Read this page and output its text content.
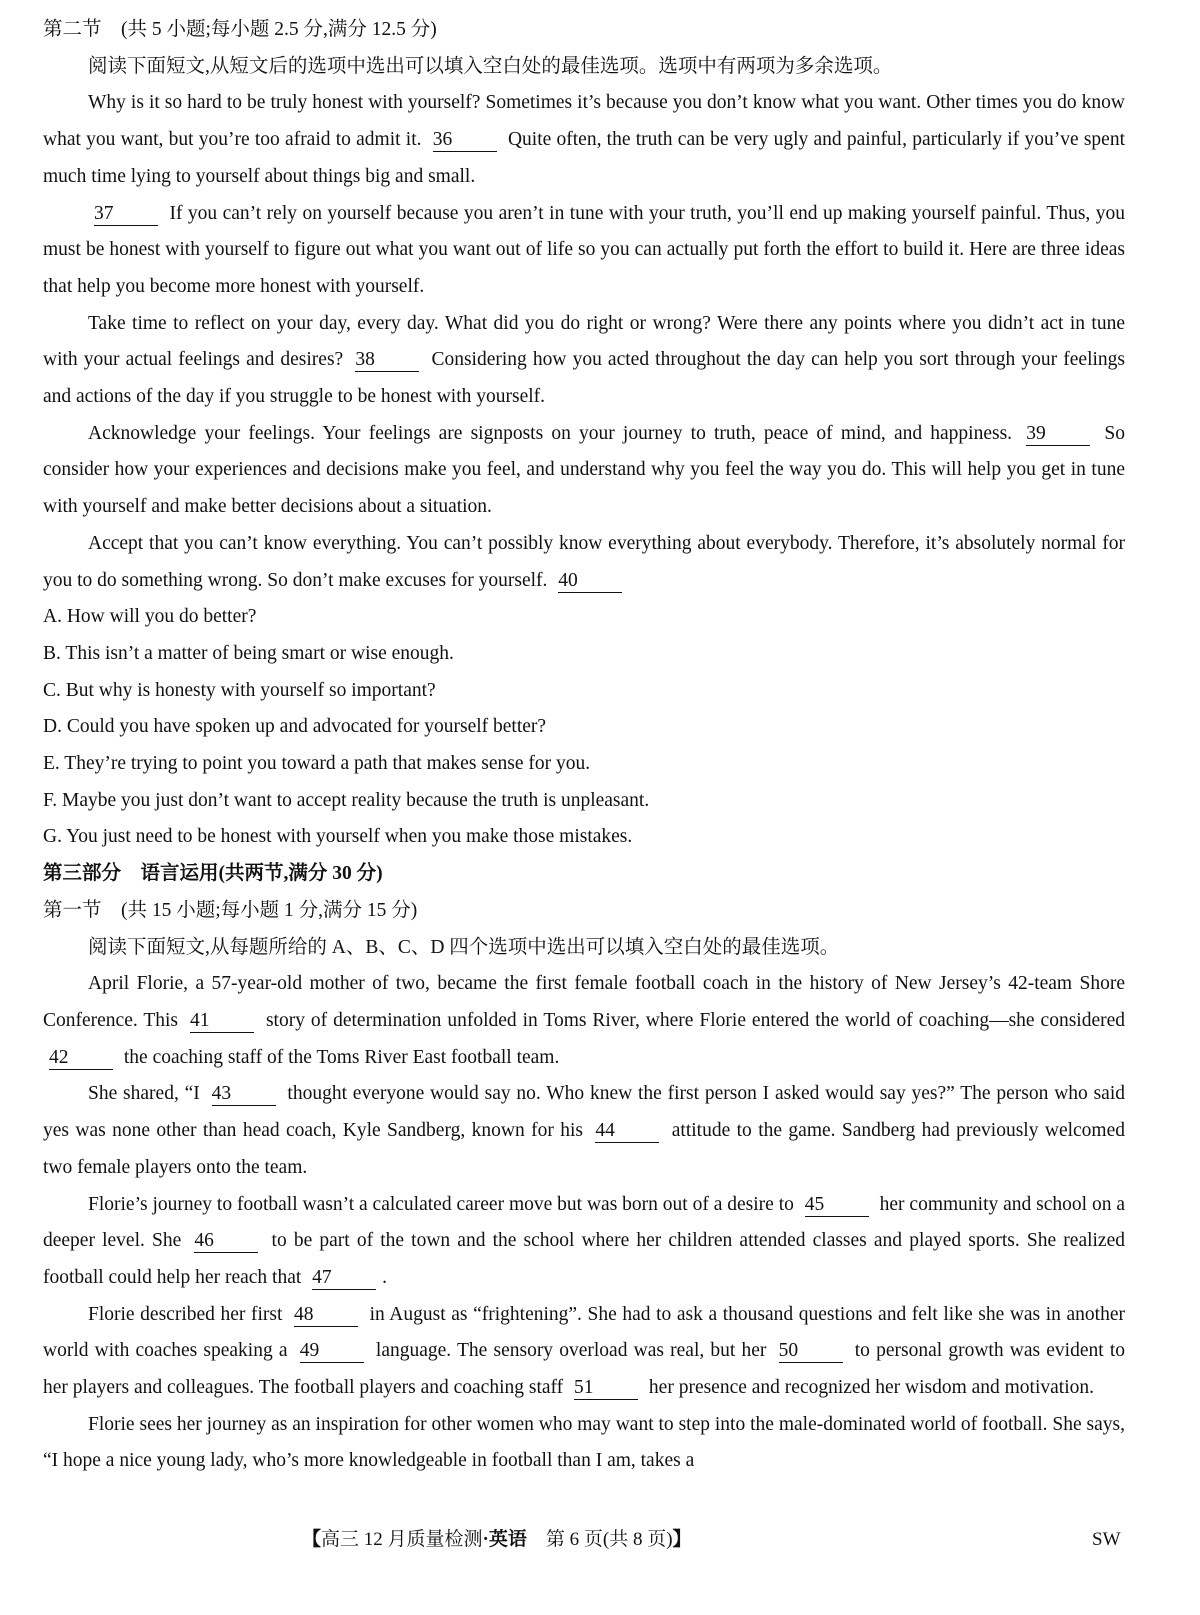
第二节　(共 5 小题;每小题 2.5 分,满分 12.5 分)

阅读下面短文,从短文后的选项中选出可以填入空白处的最佳选项。选项中有两项为多余选项。

Why is it so hard to be truly honest with yourself? Sometimes it’s because you don’t know what you want. Other times you do know what you want, but you’re too afraid to admit it. 36	Quite often, the truth can be very ugly and painful, particularly if you’ve spent much time lying to yourself about things big and small.

37	If you can’t rely on yourself because you aren’t in tune with your truth, you’ll end up making yourself painful. Thus, you must be honest with yourself to figure out what you want out of life so you can actually put forth the effort to build it. Here are three ideas that help you become more honest with yourself.

Take time to reflect on your day, every day. What did you do right or wrong? Were there any points where you didn’t act in tune with your actual feelings and desires? 38	Considering how you acted throughout the day can help you sort through your feelings and actions of the day if you struggle to be honest with yourself.

Acknowledge your feelings. Your feelings are signposts on your journey to truth, peace of mind, and happiness. 39	So consider how your experiences and decisions make you feel, and understand why you feel the way you do. This will help you get in tune with yourself and make better decisions about a situation.

Accept that you can’t know everything. You can’t possibly know everything about everybody. Therefore, it’s absolutely normal for you to do something wrong. So don’t make excuses for yourself. 40

A. How will you do better?

B. This isn’t a matter of being smart or wise enough.

C. But why is honesty with yourself so important?

D. Could you have spoken up and advocated for yourself better?

E. They’re trying to point you toward a path that makes sense for you.

F. Maybe you just don’t want to accept reality because the truth is unpleasant.

G. You just need to be honest with yourself when you make those mistakes.

第三部分　语言运用(共两节,满分 30 分)

第一节　(共 15 小题;每小题 1 分,满分 15 分)

阅读下面短文,从每题所给的 A、B、C、D 四个选项中选出可以填入空白处的最佳选项。

April Florie, a 57-year-old mother of two, became the first female football coach in the history of New Jersey’s 42-team Shore Conference. This 41	story of determination unfolded in Toms River, where Florie entered the world of coaching—she considered 42	the coaching staff of the Toms River East football team.

She shared, “I 43	thought everyone would say no. Who knew the first person I asked would say yes?” The person who said yes was none other than head coach, Kyle Sandberg, known for his 44	attitude to the game. Sandberg had previously welcomed two female players onto the team.

Florie’s journey to football wasn’t a calculated career move but was born out of a desire to 45	her community and school on a deeper level. She 46	to be part of the town and the school where her children attended classes and played sports. She realized football could help her reach that 47	.

Florie described her first 48	in August as “frightening”. She had to ask a thousand questions and felt like she was in another world with coaches speaking a 49	language. The sensory overload was real, but her 50	to personal growth was evident to her players and colleagues. The football players and coaching staff 51	her presence and recognized her wisdom and motivation.

Florie sees her journey as an inspiration for other women who may want to step into the male-dominated world of football. She says, “I hope a nice young lady, who’s more knowledgeable in football than I am, takes a

【高三 12 月质量检测·英语　第 6 页(共 8 页)】	SW
